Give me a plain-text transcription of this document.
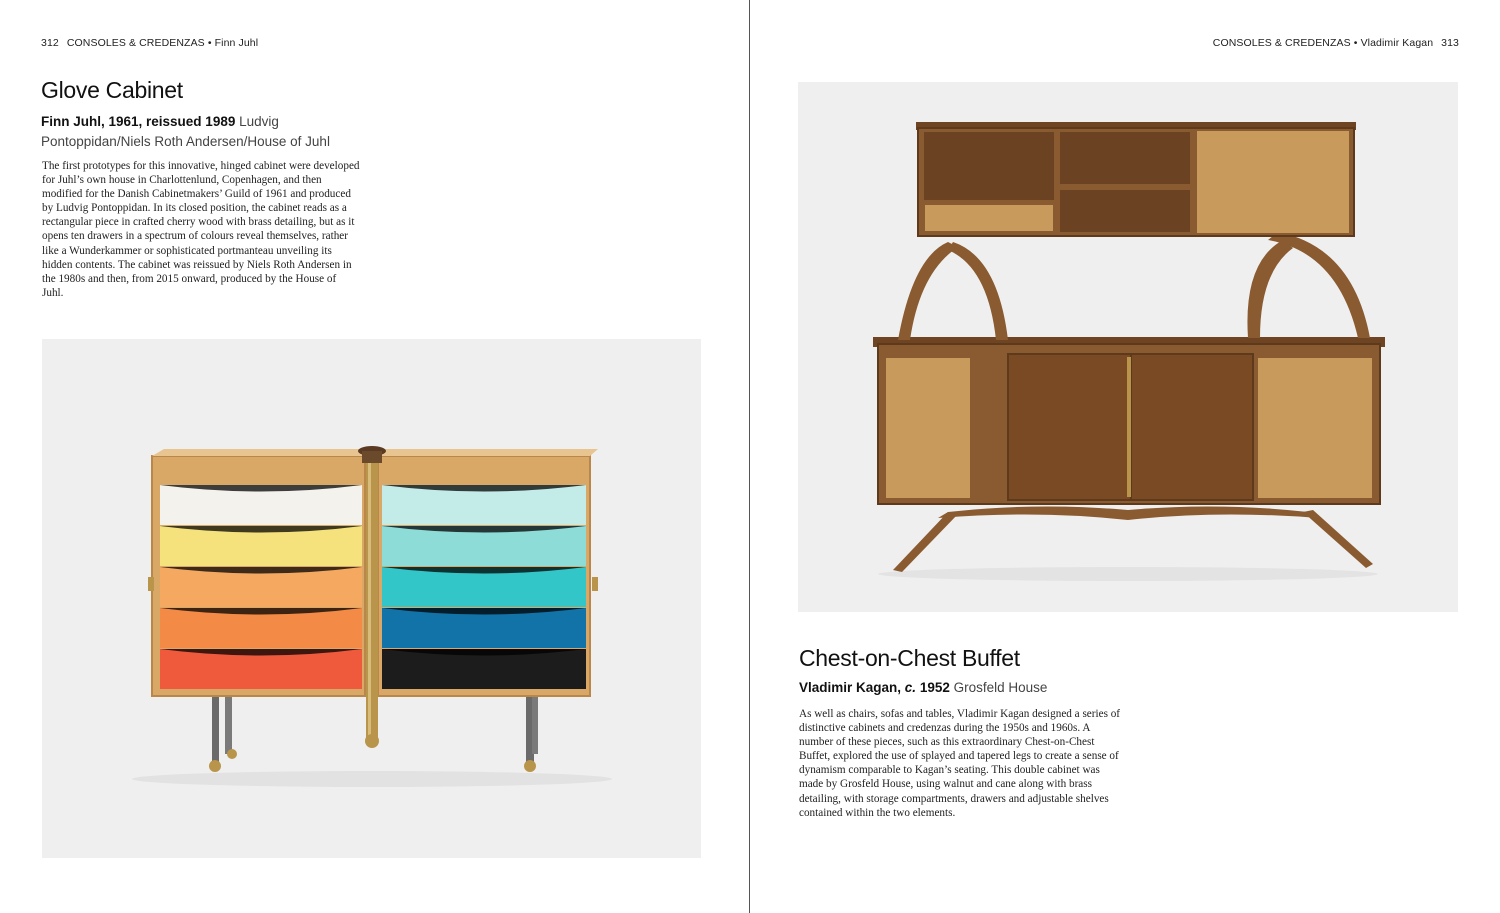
312 CONSOLES & CREDENZAS • Finn Juhl
Glove Cabinet
Finn Juhl, 1961, reissued 1989 Ludvig Pontoppidan/Niels Roth Andersen/House of Juhl

The first prototypes for this innovative, hinged cabinet were developed for Juhl’s own house in Charlottenlund, Copenhagen, and then modified for the Danish Cabinetmakers’ Guild of 1961 and produced by Ludvig Pontoppidan. In its closed position, the cabinet reads as a rectangular piece in crafted cherry wood with brass detailing, but as it opens ten drawers in a spectrum of colours reveal themselves, rather like a Wunderkammer or sophisticated portmanteau unveiling its hidden contents. The cabinet was reissued by Niels Roth Andersen in the 1980s and then, from 2015 onward, produced by the House of Juhl.

CONSOLES & CREDENZAS • Vladimir Kagan 313
Chest-on-Chest Buffet
Vladimir Kagan, c. 1952 Grosfeld House

As well as chairs, sofas and tables, Vladimir Kagan designed a series of distinctive cabinets and credenzas during the 1950s and 1960s. A number of these pieces, such as this extraordinary Chest-on-Chest Buffet, explored the use of splayed and tapered legs to create a sense of dynamism comparable to Kagan’s seating. This double cabinet was made by Grosfeld House, using walnut and cane along with brass detailing, with storage compartments, drawers and adjustable shelves contained within the two elements.
